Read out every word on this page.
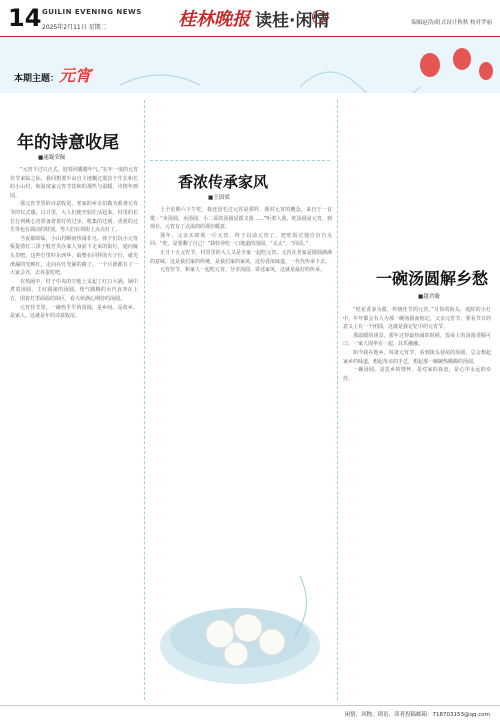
14 GUILIN EVENING NEWS
2025年2月11日 星期二	桂林晚报 读桂·闲情	编辑赵浩/组式设计秋秋 校对罗丽
本期主题：元宵
年的诗意收尾
■速凝荣佩

“元宵不过只正式，迎春回暖腊年气。”在年一度的元宵佳节来临之际，我同想要半由自主地飘过那首个生长和长的小山村，和温度家元宵节饮和的那些与温暖，诗情年画园。

那元宵节里的诗意收尾，老家的乡亲们做为准备元宵节的仪式感，白日里，大人们便开始忙活起来。村里的长长行列桃心宵准备着着灯的过步，收集的达到，香蕉的过生等包在调动的特别。男人们在坝街上点亮灯了。

当夜幕降临，小山村瞬间热闹非凡。孩子们玩小元宵板提着红三泽子般竹夹在家人身前下走来的街灯，通向嫁头里吧。这些灯里吓东西华，取整在同样的火子打，就光滑漏的光映红，走向在灯光铺的路了，一个月就都有了一大家会齐，去谷蛋吃吧。

在热闹中，村子中央的空地上支起了红口大锅，锅中煮着汤圆，主红圆滚的汤圆，热气腾腾的水汽直冲在上方，围着灯里面温的街区，看大伙满心期待的汤圆。

元宵佳节里，一碗热乎乎的汤圆，是乡间、是故乡、是家人。这就是年的诗意收尾。

香浓传承家风
■王固梁

上个星期六下午吃，我还没毛过元宵是那样，我对元宵的概念，来自于一首歌：“卖汤圆，卖汤圆，小二哥的汤圆是圆又圆……”听着人我，吃汤圆是元宵，到现在，元宵有了点滋润的那份暖意。

那年，父亲买却那一斤元宵，终于以前元宵了，把吃饭过他自尔自点回：“吃，是要聊了自己！”我特养吃一口地道的汤圆，“太太”，“同话。”

正月十五元宵节，村里里的大人又是全家一起吃元宵，元宵在老家是圆圆满满的意味，这是我们家的传统，是我们家的家风，这份香浓味道，一代代传承下去。

元宵佳节，和家人一起吃元宵、分享汤圆、讲述家风，这就是最好的传承。	一碗汤圆解乡愁
■越君薇

“桂花香多为甜，传统佳节的元宵。”月你的街头，庭院的小灯中，年年都会有人为那一碗汤圆而惦记，父亲元宵节，要看节日的意义上有一个团圆，这就是我记忆中的元宵节。

那温暖的场景，那年过得最热闹的时候，饭桌上的汤圆香糯可口，一家人围坐在一起，其乐融融。

如今我在他乡，每逢元宵节，看到街头巷尾的汤圆，总会想起家乡的味道，想起母亲的手艺，想起那一碗碗热腾腾的汤圆。

一碗汤圆，是思乡的情怀，是对家的眷恋，是心中永远的牵挂。

闲情、风物、琐语，读者投稿邮箱：718703153@qq.com
